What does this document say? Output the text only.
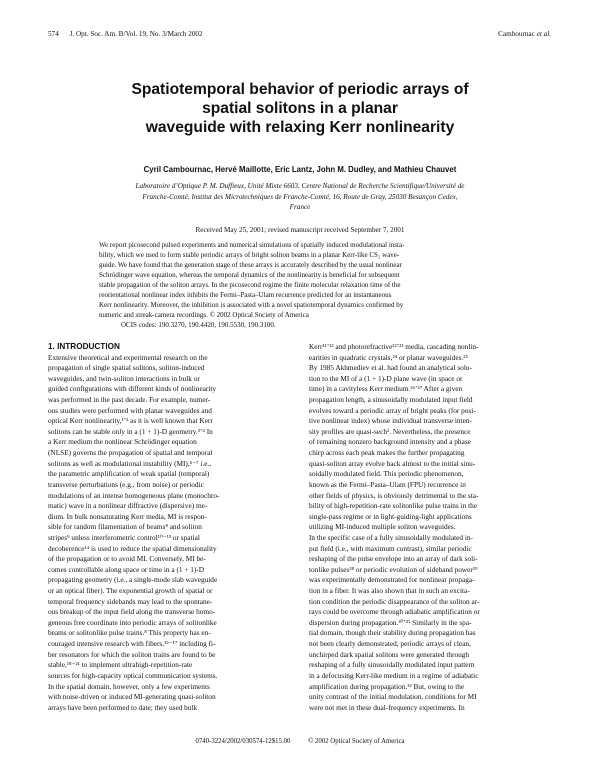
574 J. Opt. Soc. Am. B/Vol. 19, No. 3/March 2002	Cambournac et al.
Spatiotemporal behavior of periodic arrays of
spatial solitons in a planar
waveguide with relaxing Kerr nonlinearity
Cyril Cambournac, Hervé Maillotte, Eric Lantz, John M. Dudley, and Mathieu Chauvet
Laboratoire d’Optique P. M. Duffieux, Unité Mixte 6603, Centre National de Recherche Scientifique/Université de
Franche-Comté, Institut des Microtechniques de Franche-Comté, 16, Route de Gray, 25030 Besançon Cedex,
France
Received May 25, 2001; revised manuscript received September 7, 2001
We report picosecond pulsed experiments and numerical simulations of spatially induced modulational insta-
bility, which we used to form stable periodic arrays of bright soliton beams in a planar Kerr-like CS₂ wave-
guide. We have found that the generation stage of these arrays is accurately described by the usual nonlinear
Schrödinger wave equation, whereas the temporal dynamics of the nonlinearity is beneficial for subsequent
stable propagation of the soliton arrays. In the picosecond regime the finite molecular relaxation time of the
reorientational nonlinear index inhibits the Fermi–Pasta–Ulam recurrence predicted for an instantaneous
Kerr nonlinearity. Moreover, the inhibition is associated with a novel spatiotemporal dynamics confirmed by
numeric and streak-camera recordings. © 2002 Optical Society of America
OCIS codes: 190.3270, 190.4420, 190.5530, 190.3100.
1. INTRODUCTION
Extensive theoretical and experimental research on the
propagation of single spatial solitons, soliton-induced
waveguides, and twin-soliton interactions in bulk or
guided configurations with different kinds of nonlinearity
was performed in the past decade. For example, numer-
ous studies were performed with planar waveguides and
optical Kerr nonlinearity,¹ʼ² as it is well known that Kerr
solitons can be stable only in a (1 + 1)-D geometry.³ʼ⁴ In
a Kerr medium the nonlinear Schrödinger equation
(NLSE) governs the propagation of spatial and temporal
solitons as well as modulational instability (MI),⁵⁻⁷ i.e.,
the parametric amplification of weak spatial (temporal)
transverse perturbations (e.g., from noise) or periodic
modulations of an intense homogeneous plane (monochro-
matic) wave in a nonlinear diffractive (dispersive) me-
dium. In bulk nonsaturating Kerr media, MI is respon-
sible for random filamentation of beams⁸ and soliton
stripes⁹ unless interferometric control¹⁰⁻¹³ or spatial
decoherence¹⁴ is used to reduce the spatial dimensionality
of the propagation or to avoid MI. Conversely, MI be-
comes controllable along space or time in a (1 + 1)-D
propagating geometry (i.e., a single-mode slab waveguide
or an optical fiber). The exponential growth of spatial or
temporal frequency sidebands may lead to the spontane-
ous breakup of the input field along the transverse homo-
geneous free coordinate into periodic arrays of solitonlike
beams or solitonlike pulse trains.⁸ This property has en-
couraged intensive research with fibers,¹⁵⁻¹⁷ including fi-
ber resonators for which the soliton trains are found to be
stable,¹⁸⁻²¹ to implement ultrahigh-repetition-rate
sources for high-capacity optical communication systems.
In the spatial domain, however, only a few experiments
with noise-driven or induced MI-generating quasi-soliton
arrays have been performed to date; they used bulk
Kerr¹¹ʼ¹² and photorefractive²²ʼ²³ media, cascading nonlin-
earities in quadratic crystals,²⁴ or planar waveguides.²⁵
By 1985 Akhmediev et al. had found an analytical solu-
tion to the MI of a (1 + 1)-D plane wave (in space or
time) in a cavityless Kerr medium.²⁶ʼ²⁷ After a given
propagation length, a sinusoidally modulated input field
evolves toward a periodic array of bright peaks (for posi-
tive nonlinear index) whose individual transverse inten-
sity profiles are quasi-sech². Nevertheless, the presence
of remaining nonzero background intensity and a phase
chirp across each peak makes the further propagating
quasi-soliton array evolve back almost to the initial sinu-
soidally modulated field. This periodic phenomenon,
known as the Fermi–Pasta–Ulam (FPU) recurrence in
other fields of physics, is obviously detrimental to the sta-
bility of high-repetition-rate solitonlike pulse trains in the
single-pass regime or in light-guiding-light applications
utilizing MI-induced multiple soliton waveguides.
In the specific case of a fully sinusoidally modulated in-
put field (i.e., with maximum contrast), similar periodic
reshaping of the pulse envelope into an array of dark soli-
tonlike pulses²⁸ or periodic evolution of sideband power²⁹
was experimentally demonstrated for nonlinear propaga-
tion in a fiber. It was also shown that in such an excita-
tion condition the periodic disappearance of the soliton ar-
rays could be overcome through adiabatic amplification or
dispersion during propagation.³⁰ʼ³¹ Similarly in the spa-
tial domain, though their stability during propagation has
not been clearly demonstrated, periodic arrays of clean,
unchirped dark spatial solitons were generated through
reshaping of a fully sinusoidally modulated input pattern
in a defocusing Kerr-like medium in a regime of adiabatic
amplification during propagation.³² But, owing to the
unity contrast of the initial modulation, conditions for MI
were not met in these dual-frequency experiments. In
0740-3224/2002/030574-12$15.00	© 2002 Optical Society of America
